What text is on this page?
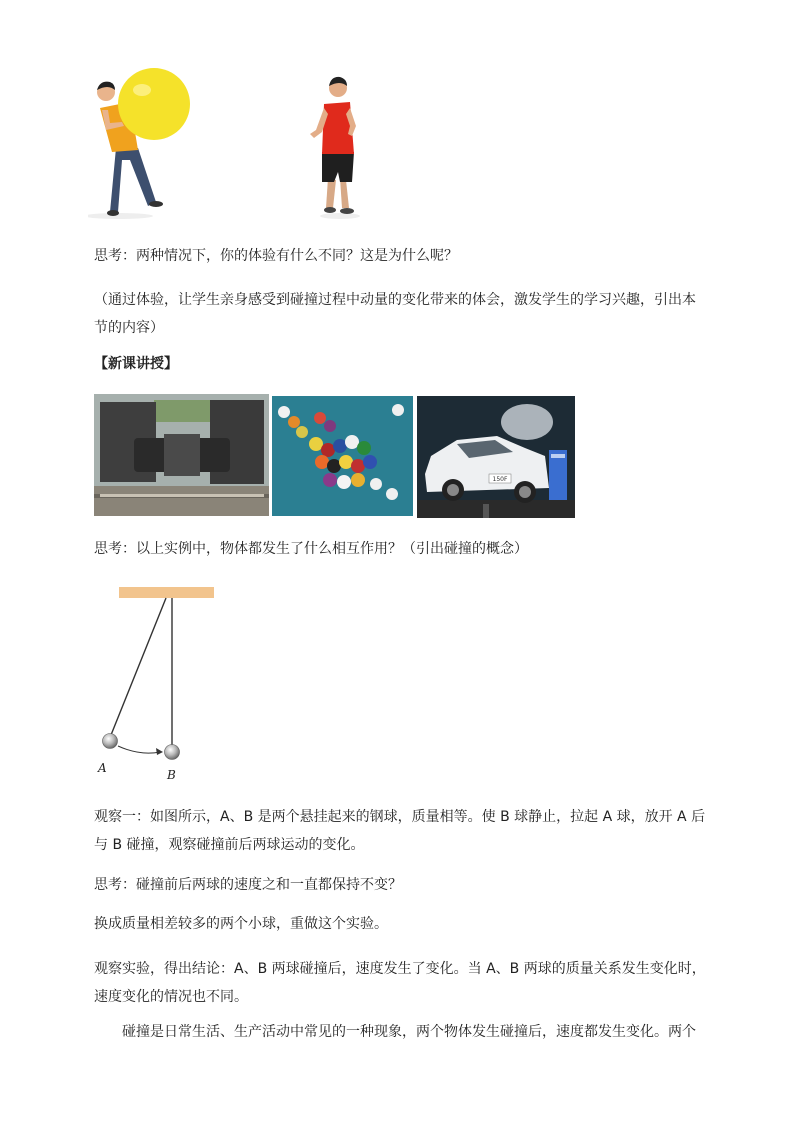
思考：两种情况下，你的体验有什么不同？这是为什么呢？
（通过体验，让学生亲身感受到碰撞过程中动量的变化带来的体会，激发学生的学习兴趣，引出本节的内容）
【新课讲授】
150F
思考：以上实例中，物体都发生了什么相互作用？（引出碰撞的概念）
A	B
观察一：如图所示，A、B 是两个悬挂起来的钢球，质量相等。使 B 球静止，拉起 A 球，放开 A 后与 B 碰撞，观察碰撞前后两球运动的变化。
思考：碰撞前后两球的速度之和一直都保持不变？
换成质量相差较多的两个小球，重做这个实验。
观察实验，得出结论：A、B 两球碰撞后，速度发生了变化。当 A、B 两球的质量关系发生变化时，速度变化的情况也不同。
碰撞是日常生活、生产活动中常见的一种现象，两个物体发生碰撞后，速度都发生变化。两个
